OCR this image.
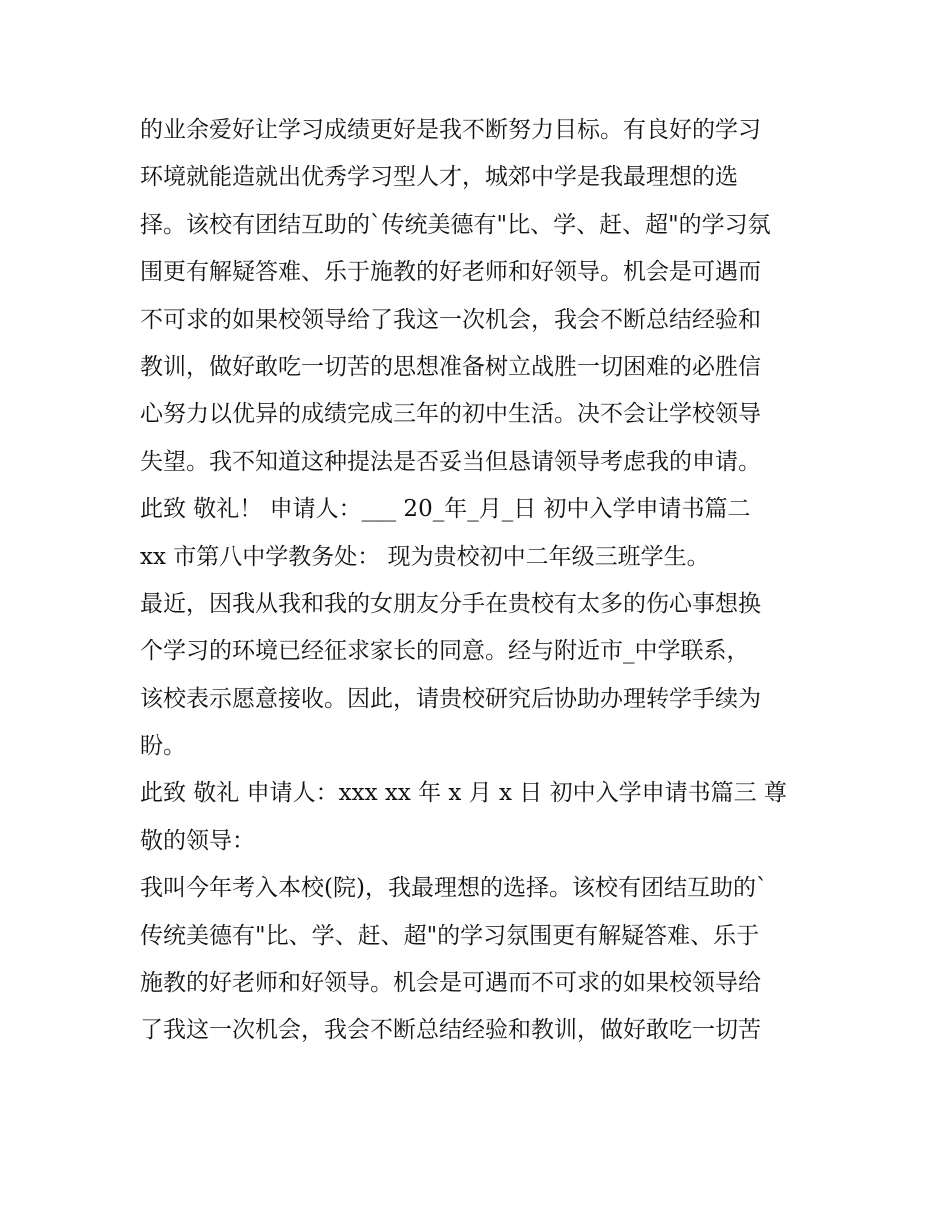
的业余爱好让学习成绩更好是我不断努力目标。有良好的学习
环境就能造就出优秀学习型人才，城郊中学是我最理想的选
择。该校有团结互助的`传统美德有"比、学、赶、超"的学习氛
围更有解疑答难、乐于施教的好老师和好领导。机会是可遇而
不可求的如果校领导给了我这一次机会，我会不断总结经验和
教训，做好敢吃一切苦的思想准备树立战胜一切困难的必胜信
心努力以优异的成绩完成三年的初中生活。决不会让学校领导
失望。我不知道这种提法是否妥当但恳请领导考虑我的申请。
此致 敬礼！ 申请人：___ 20_年_月_日 初中入学申请书篇二
xx 市第八中学教务处： 现为贵校初中二年级三班学生。
最近，因我从我和我的女朋友分手在贵校有太多的伤心事想换
个学习的环境已经征求家长的同意。经与附近市_中学联系，
该校表示愿意接收。因此，请贵校研究后协助办理转学手续为
盼。
此致 敬礼 申请人：xxx xx 年 x 月 x 日 初中入学申请书篇三 尊
敬的领导：
我叫今年考入本校(院)，我最理想的选择。该校有团结互助的`
传统美德有"比、学、赶、超"的学习氛围更有解疑答难、乐于
施教的好老师和好领导。机会是可遇而不可求的如果校领导给
了我这一次机会，我会不断总结经验和教训，做好敢吃一切苦
